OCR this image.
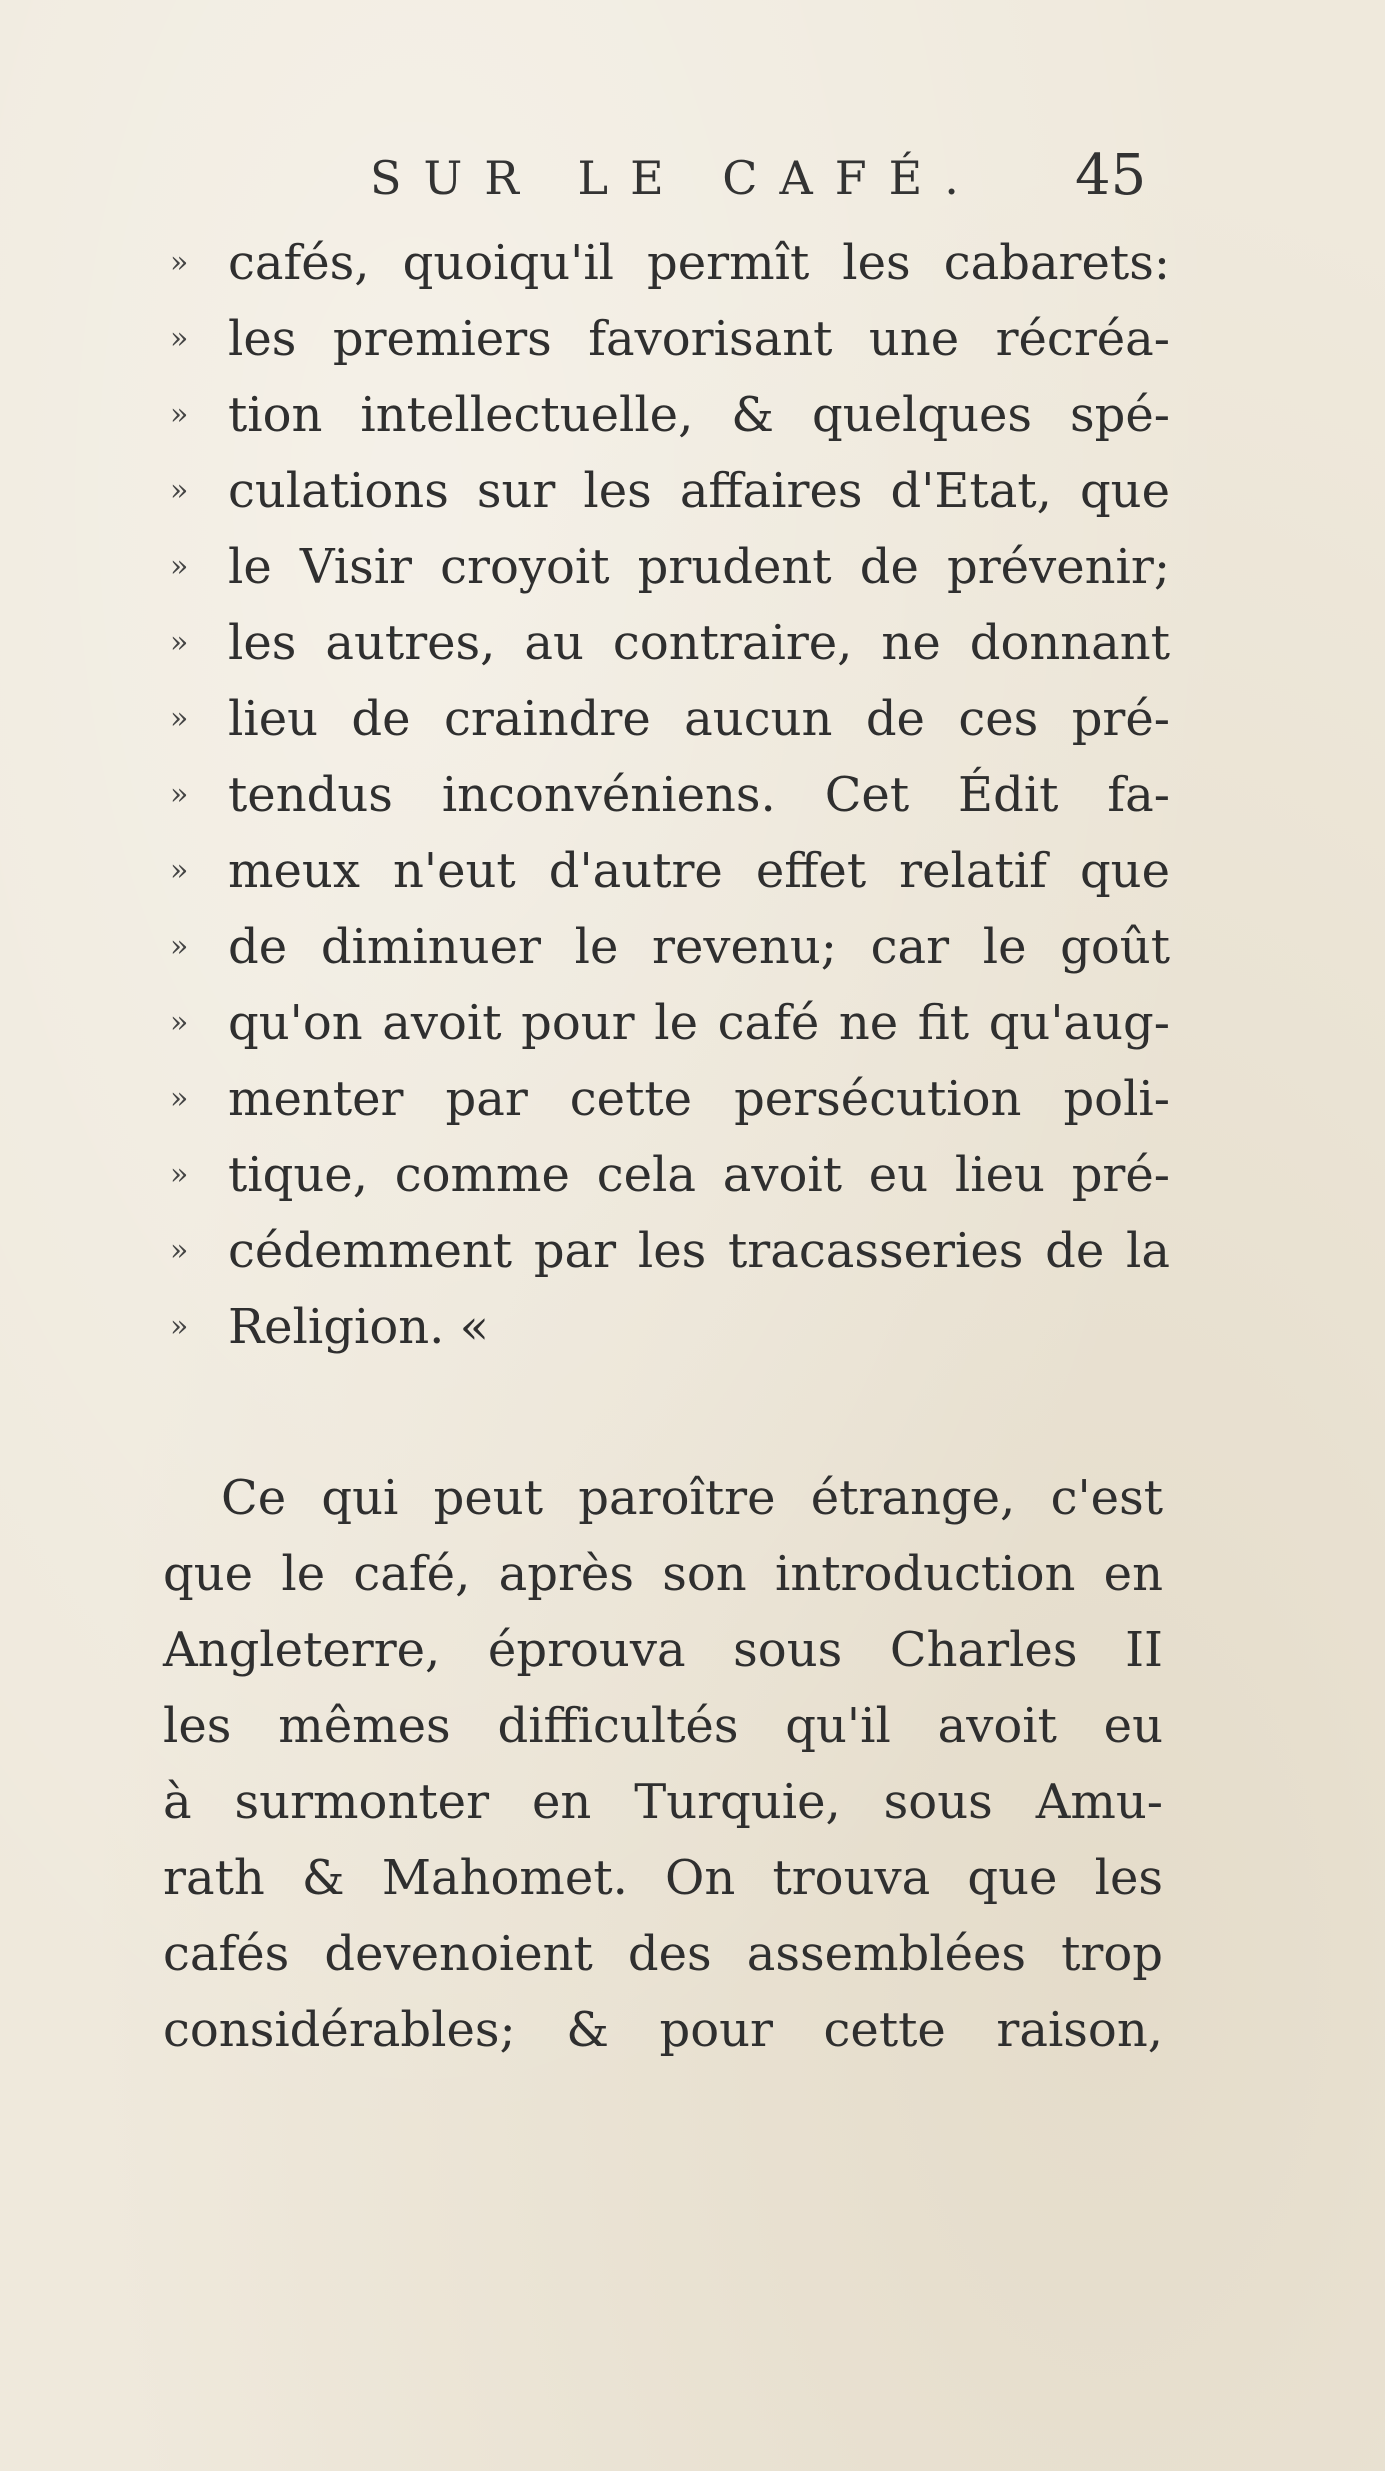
SUR LE CAFÉ. 45
» cafés, quoiqu'il permît les cabarets:
» les premiers favorisant une récréa-
» tion intellectuelle, & quelques spé-
» culations sur les affaires d'Etat, que
» le Visir croyoit prudent de prévenir;
» les autres, au contraire, ne donnant
» lieu de craindre aucun de ces pré-
» tendus inconvéniens. Cet Édit fa-
» meux n'eut d'autre effet relatif que
» de diminuer le revenu; car le goût
» qu'on avoit pour le café ne fit qu'aug-
» menter par cette persécution poli-
» tique, comme cela avoit eu lieu pré-
» cédemment par les tracasseries de la
» Religion. «
Ce qui peut paroître étrange, c'est
que le café, après son introduction en
Angleterre, éprouva sous Charles II
les mêmes difficultés qu'il avoit eu
à surmonter en Turquie, sous Amu-
rath & Mahomet. On trouva que les
cafés devenoient des assemblées trop
considérables; & pour cette raison,
